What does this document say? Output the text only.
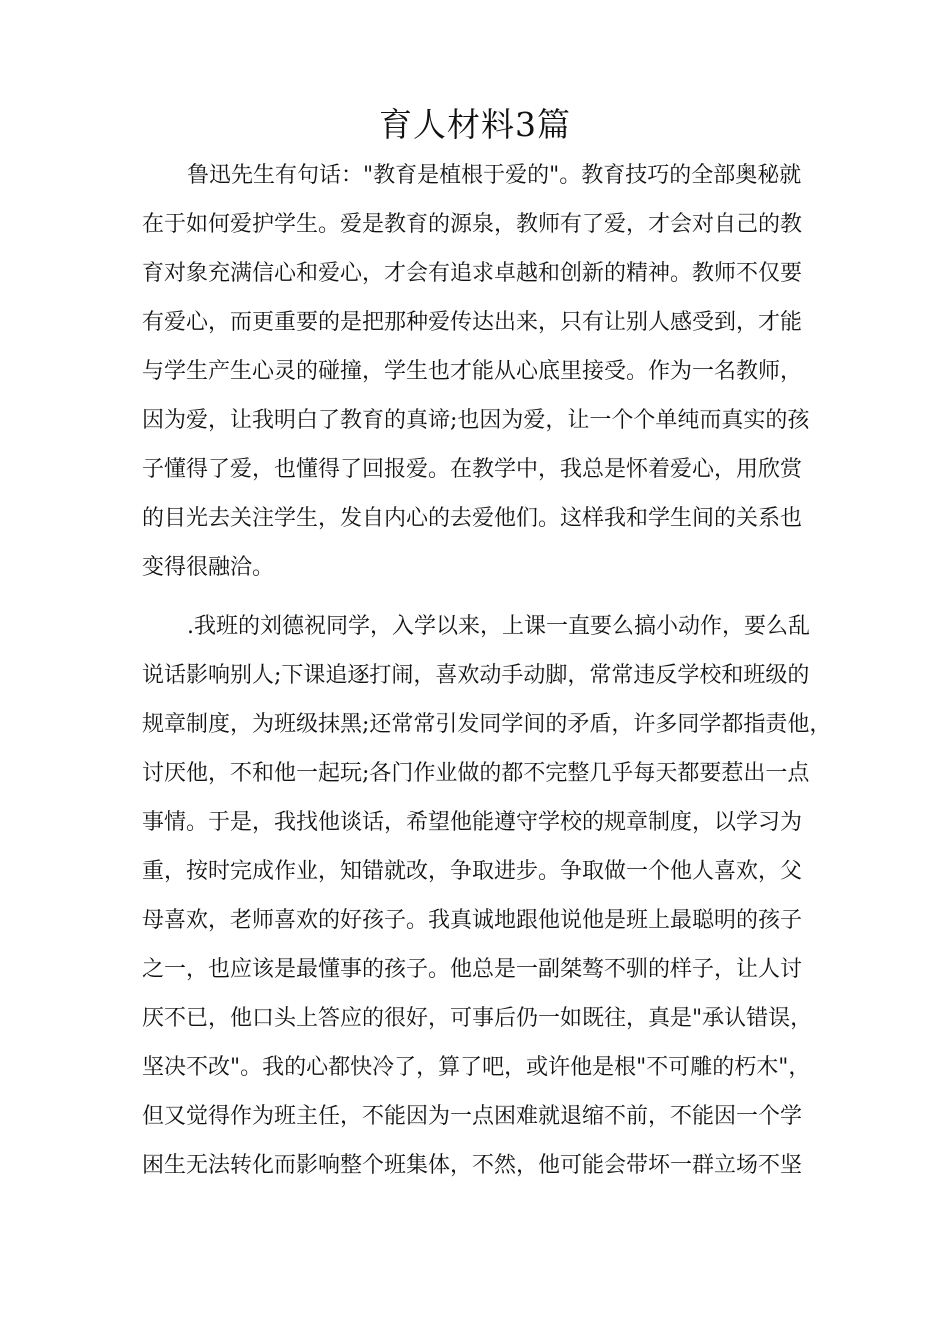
育人材料3篇
鲁迅先生有句话："教育是植根于爱的"。教育技巧的全部奥秘就
在于如何爱护学生。爱是教育的源泉，教师有了爱，才会对自己的教
育对象充满信心和爱心，才会有追求卓越和创新的精神。教师不仅要
有爱心，而更重要的是把那种爱传达出来，只有让别人感受到，才能
与学生产生心灵的碰撞，学生也才能从心底里接受。作为一名教师，
因为爱，让我明白了教育的真谛;也因为爱，让一个个单纯而真实的孩
子懂得了爱，也懂得了回报爱。在教学中，我总是怀着爱心，用欣赏
的目光去关注学生，发自内心的去爱他们。这样我和学生间的关系也
变得很融洽。
.我班的刘德祝同学，入学以来，上课一直要么搞小动作，要么乱
说话影响别人;下课追逐打闹，喜欢动手动脚，常常违反学校和班级的
规章制度，为班级抹黑;还常常引发同学间的矛盾，许多同学都指责他，
讨厌他，不和他一起玩;各门作业做的都不完整几乎每天都要惹出一点
事情。于是，我找他谈话，希望他能遵守学校的规章制度，以学习为
重，按时完成作业，知错就改，争取进步。争取做一个他人喜欢，父
母喜欢，老师喜欢的好孩子。我真诚地跟他说他是班上最聪明的孩子
之一，也应该是最懂事的孩子。他总是一副桀骜不驯的样子，让人讨
厌不已，他口头上答应的很好，可事后仍一如既往，真是"承认错误，
坚决不改"。我的心都快冷了，算了吧，或许他是根"不可雕的朽木"，
但又觉得作为班主任，不能因为一点困难就退缩不前，不能因一个学
困生无法转化而影响整个班集体，不然，他可能会带坏一群立场不坚
